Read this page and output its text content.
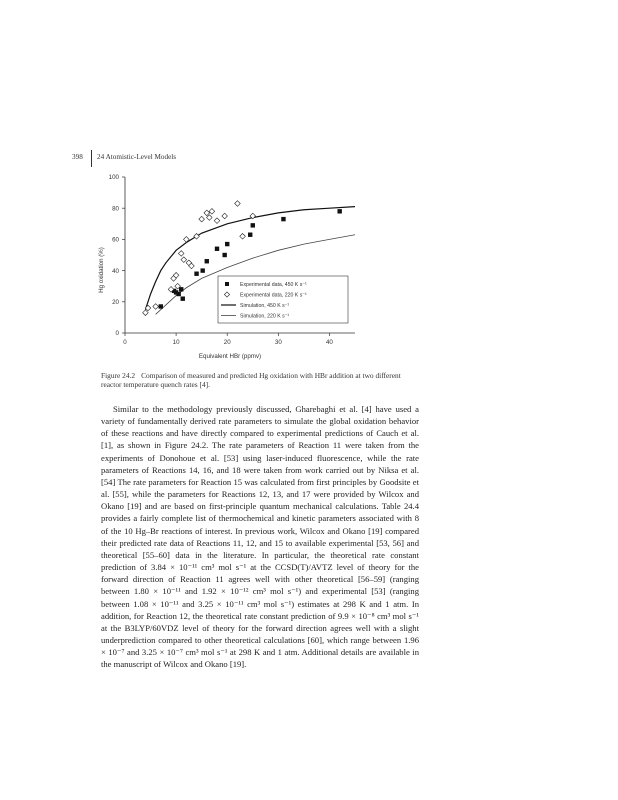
398 24 Atomistic-Level Models
0	10	20	30	40
0
20
40
60
80
100
Equivalent HBr (ppmv)
Hg oxidation (%)	Experimental data, 450 K s⁻¹
Experimental data, 220 K s⁻¹
Simulation, 450 K s⁻¹
Simulation, 220 K s⁻¹
Figure 24.2 Comparison of measured and predicted Hg oxidation with HBr addition at two different reactor temperature quench rates [4].

Similar to the methodology previously discussed, Gharebaghi et al. [4] have used a variety of fundamentally derived rate parameters to simulate the global oxidation behavior of these reactions and have directly compared to experimental predictions of Cauch et al. [1], as shown in Figure 24.2. The rate parameters of Reaction 11 were taken from the experiments of Donohoue et al. [53] using laser-induced fluorescence, while the rate parameters of Reactions 14, 16, and 18 were taken from work carried out by Niksa et al. [54] The rate parameters for Reaction 15 was calculated from first principles by Goodsite et al. [55], while the parameters for Reactions 12, 13, and 17 were provided by Wilcox and Okano [19] and are based on first-principle quantum mechanical calculations. Table 24.4 provides a fairly complete list of thermochemical and kinetic parameters associated with 8 of the 10 Hg–Br reactions of interest. In previous work, Wilcox and Okano [19] compared their predicted rate data of Reactions 11, 12, and 15 to available experimental [53, 56] and theoretical [55–60] data in the literature. In particular, the theoretical rate constant prediction of 3.84 × 10⁻¹¹ cm³ mol s⁻¹ at the CCSD(T)/AVTZ level of theory for the forward direction of Reaction 11 agrees well with other theoretical [56–59] (ranging between 1.80 × 10⁻¹¹ and 1.92 × 10⁻¹² cm³ mol s⁻¹) and experimental [53] (ranging between 1.08 × 10⁻¹¹ and 3.25 × 10⁻¹¹ cm³ mol s⁻¹) estimates at 298 K and 1 atm. In addition, for Reaction 12, the theoretical rate constant prediction of 9.9 × 10⁻⁸ cm³ mol s⁻¹ at the B3LYP/60VDZ level of theory for the forward direction agrees well with a slight underprediction compared to other theoretical calculations [60], which range between 1.96 × 10⁻⁷ and 3.25 × 10⁻⁷ cm³ mol s⁻¹ at 298 K and 1 atm. Additional details are available in the manuscript of Wilcox and Okano [19].
